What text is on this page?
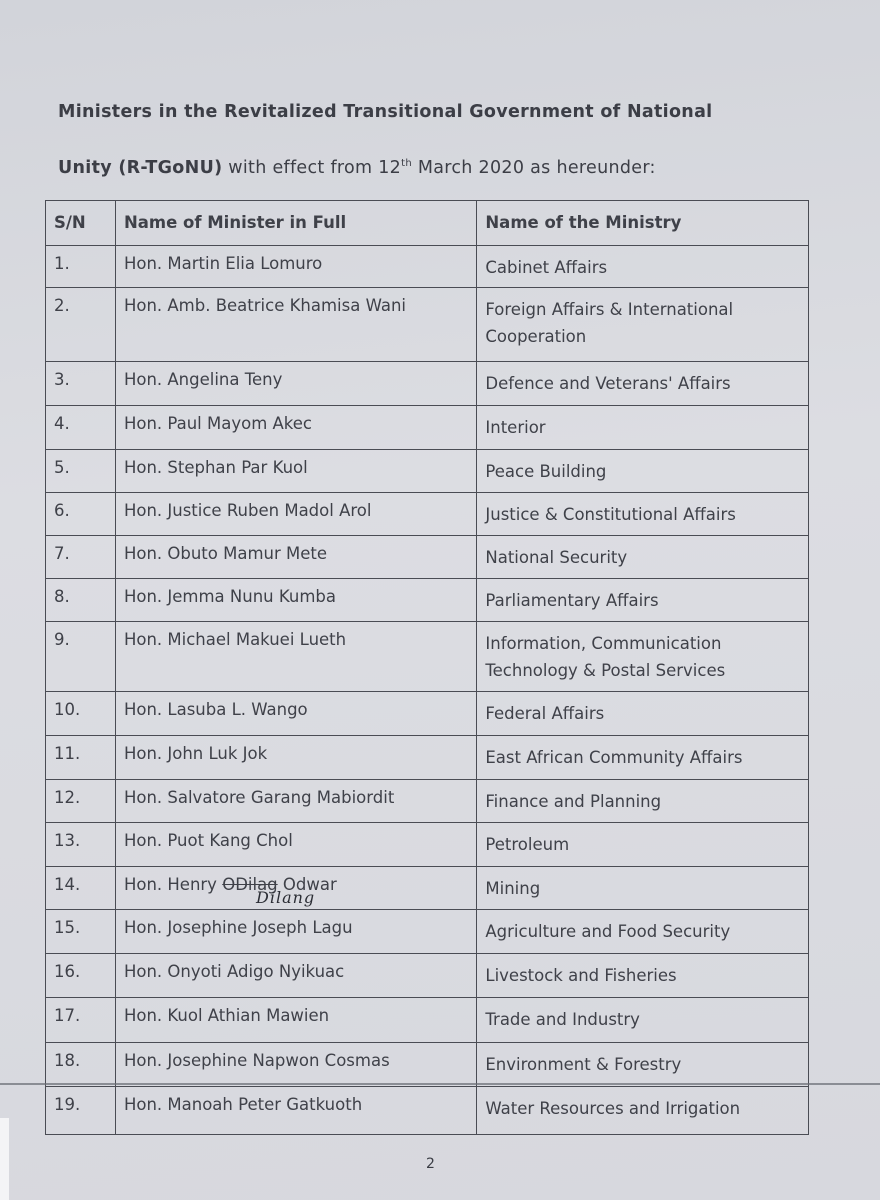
Ministers in the Revitalized Transitional Government of National
Unity (R-TGoNU) with effect from 12th March 2020 as hereunder:
S/N	Name of Minister in Full	Name of the Ministry
1.	Hon. Martin Elia Lomuro	Cabinet Affairs
2.	Hon. Amb. Beatrice Khamisa Wani	Foreign Affairs & International Cooperation
3.	Hon. Angelina Teny	Defence and Veterans' Affairs
4.	Hon. Paul Mayom Akec	Interior
5.	Hon. Stephan Par Kuol	Peace Building
6.	Hon. Justice Ruben Madol Arol	Justice & Constitutional Affairs
7.	Hon. Obuto Mamur Mete	National Security
8.	Hon. Jemma Nunu Kumba	Parliamentary Affairs
9.	Hon. Michael Makuei Lueth	Information, Communication Technology & Postal Services
10.	Hon. Lasuba L. Wango	Federal Affairs
11.	Hon. John Luk Jok	East African Community Affairs
12.	Hon. Salvatore Garang Mabiordit	Finance and Planning
13.	Hon. Puot Kang Chol	Petroleum
14.	Hon. Henry ODilag Odwar	Mining
15.	Hon. Josephine Joseph Lagu	Agriculture and Food Security
16.	Hon. Onyoti Adigo Nyikuac	Livestock and Fisheries
17.	Hon. Kuol Athian Mawien	Trade and Industry
18.	Hon. Josephine Napwon Cosmas	Environment & Forestry
19.	Hon. Manoah Peter Gatkuoth	Water Resources and Irrigation
Dilang
2
